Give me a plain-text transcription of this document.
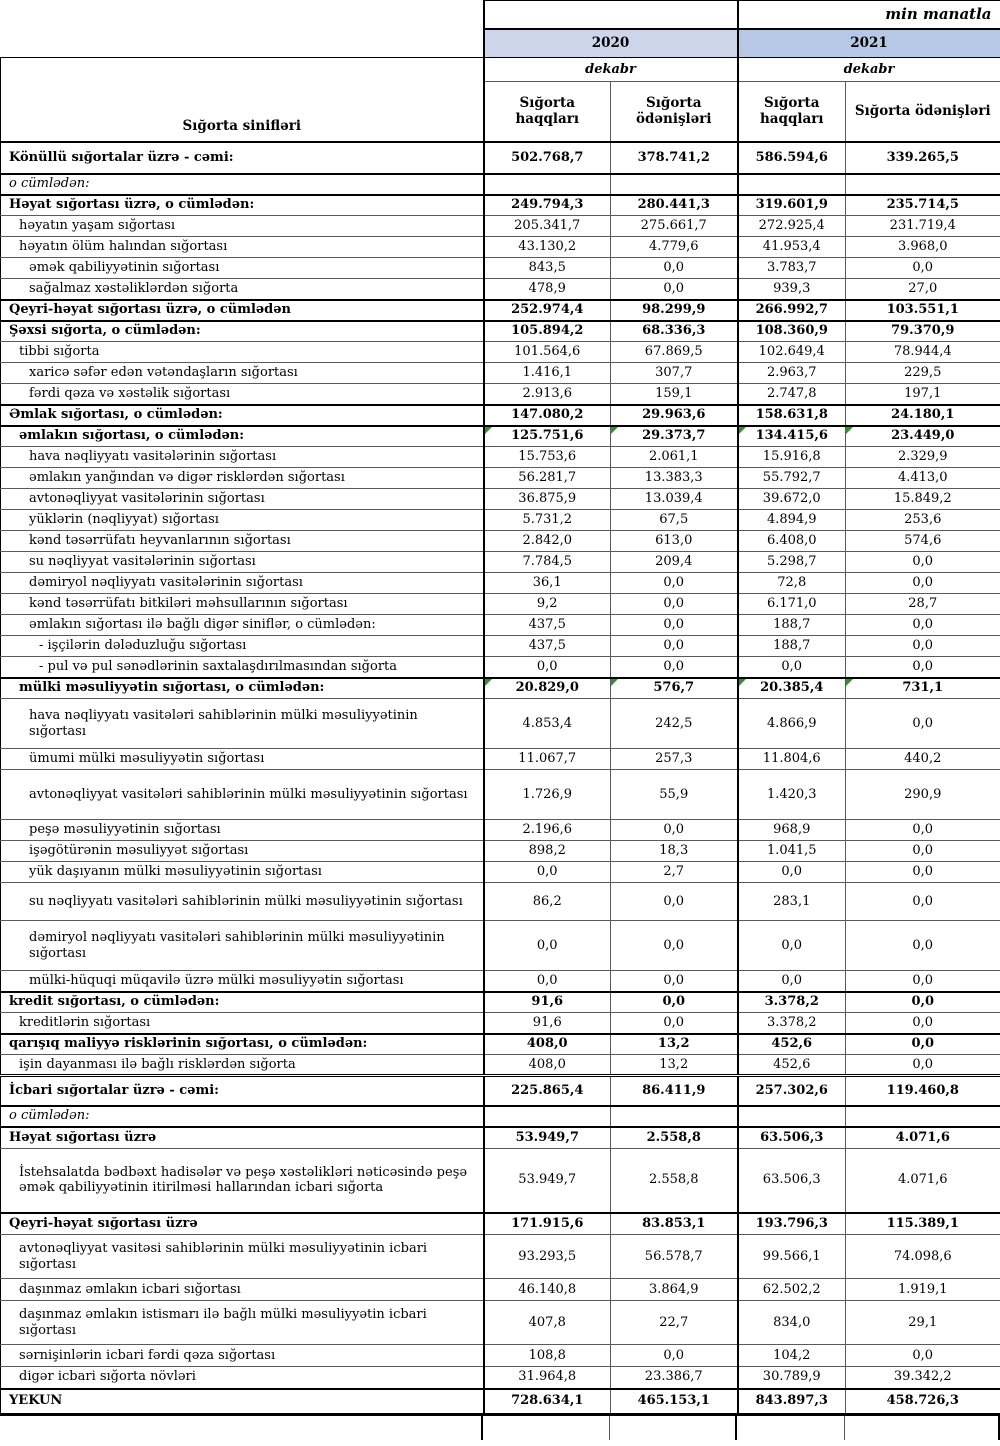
			min manatla	
	2020		2021	
Sığorta sinifləri	dekabr		dekabr	
	Sığorta haqqları	Sığorta ödənişləri	Sığorta haqqları	Sığorta ödənişləri
Könüllü sığortalar üzrə - cəmi:	502.768,7	378.741,2	586.594,6	339.265,5
o cümlədən:				
Həyat sığortası üzrə, o cümlədən:	249.794,3	280.441,3	319.601,9	235.714,5
həyatın yaşam sığortası	205.341,7	275.661,7	272.925,4	231.719,4
həyatın ölüm halından sığortası	43.130,2	4.779,6	41.953,4	3.968,0
əmək qabiliyyətinin sığortası	843,5	0,0	3.783,7	0,0
sağalmaz xəstəliklərdən sığorta	478,9	0,0	939,3	27,0
Qeyri-həyat sığortası üzrə, o cümlədən	252.974,4	98.299,9	266.992,7	103.551,1
Şəxsi sığorta, o cümlədən:	105.894,2	68.336,3	108.360,9	79.370,9
tibbi sığorta	101.564,6	67.869,5	102.649,4	78.944,4
xaricə səfər edən vətəndaşların sığortası	1.416,1	307,7	2.963,7	229,5
fərdi qəza və xəstəlik sığortası	2.913,6	159,1	2.747,8	197,1
Əmlak sığortası, o cümlədən:	147.080,2	29.963,6	158.631,8	24.180,1
əmlakın sığortası, o cümlədən:	125.751,6	29.373,7	134.415,6	23.449,0
hava nəqliyyatı vasitələrinin sığortası	15.753,6	2.061,1	15.916,8	2.329,9
əmlakın yanğından və digər risklərdən sığortası	56.281,7	13.383,3	55.792,7	4.413,0
avtonəqliyyat vasitələrinin sığortası	36.875,9	13.039,4	39.672,0	15.849,2
yüklərin (nəqliyyat) sığortası	5.731,2	67,5	4.894,9	253,6
kənd təsərrüfatı heyvanlarının sığortası	2.842,0	613,0	6.408,0	574,6
su nəqliyyat vasitələrinin sığortası	7.784,5	209,4	5.298,7	0,0
dəmiryol nəqliyyatı vasitələrinin sığortası	36,1	0,0	72,8	0,0
kənd təsərrüfatı bitkiləri məhsullarının sığortası	9,2	0,0	6.171,0	28,7
əmlakın sığortası ilə bağlı digər siniflər, o cümlədən:	437,5	0,0	188,7	0,0
- işçilərin dələduzluğu sığortası	437,5	0,0	188,7	0,0
- pul və pul sənədlərinin saxtalaşdırılmasından sığorta	0,0	0,0	0,0	0,0
mülki məsuliyyətin sığortası, o cümlədən:	20.829,0	576,7	20.385,4	731,1
hava nəqliyyatı vasitələri sahiblərinin mülki məsuliyyətinin sığortası	4.853,4	242,5	4.866,9	0,0
ümumi mülki məsuliyyətin sığortası	11.067,7	257,3	11.804,6	440,2
avtonəqliyyat vasitələri sahiblərinin mülki məsuliyyətinin sığortası	1.726,9	55,9	1.420,3	290,9
peşə məsuliyyətinin sığortası	2.196,6	0,0	968,9	0,0
işəgötürənin məsuliyyət sığortası	898,2	18,3	1.041,5	0,0
yük daşıyanın mülki məsuliyyətinin sığortası	0,0	2,7	0,0	0,0
su nəqliyyatı vasitələri sahiblərinin mülki məsuliyyətinin sığortası	86,2	0,0	283,1	0,0
dəmiryol nəqliyyatı vasitələri sahiblərinin mülki məsuliyyətinin sığortası	0,0	0,0	0,0	0,0
mülki-hüquqi müqavilə üzrə mülki məsuliyyətin sığortası	0,0	0,0	0,0	0,0
kredit sığortası, o cümlədən:	91,6	0,0	3.378,2	0,0
kreditlərin sığortası	91,6	0,0	3.378,2	0,0
qarışıq maliyyə risklərinin sığortası, o cümlədən:	408,0	13,2	452,6	0,0
işin dayanması ilə bağlı risklərdən sığorta	408,0	13,2	452,6	0,0
İcbari sığortalar üzrə - cəmi:	225.865,4	86.411,9	257.302,6	119.460,8
o cümlədən:				
Həyat sığortası üzrə	53.949,7	2.558,8	63.506,3	4.071,6
İstehsalatda bədbəxt hadisələr və peşə xəstəlikləri nəticəsində peşə əmək qabiliyyətinin itirilməsi hallarından icbari sığorta	53.949,7	2.558,8	63.506,3	4.071,6
Qeyri-həyat sığortası üzrə	171.915,6	83.853,1	193.796,3	115.389,1
avtonəqliyyat vasitəsi sahiblərinin mülki məsuliyyətinin icbari sığortası	93.293,5	56.578,7	99.566,1	74.098,6
daşınmaz əmlakın icbari sığortası	46.140,8	3.864,9	62.502,2	1.919,1
daşınmaz əmlakın istismarı ilə bağlı mülki məsuliyyətin icbari sığortası	407,8	22,7	834,0	29,1
sərnişinlərin icbari fərdi qəza sığortası	108,8	0,0	104,2	0,0
digər icbari sığorta növləri	31.964,8	23.386,7	30.789,9	39.342,2
YEKUN	728.634,1	465.153,1	843.897,3	458.726,3
